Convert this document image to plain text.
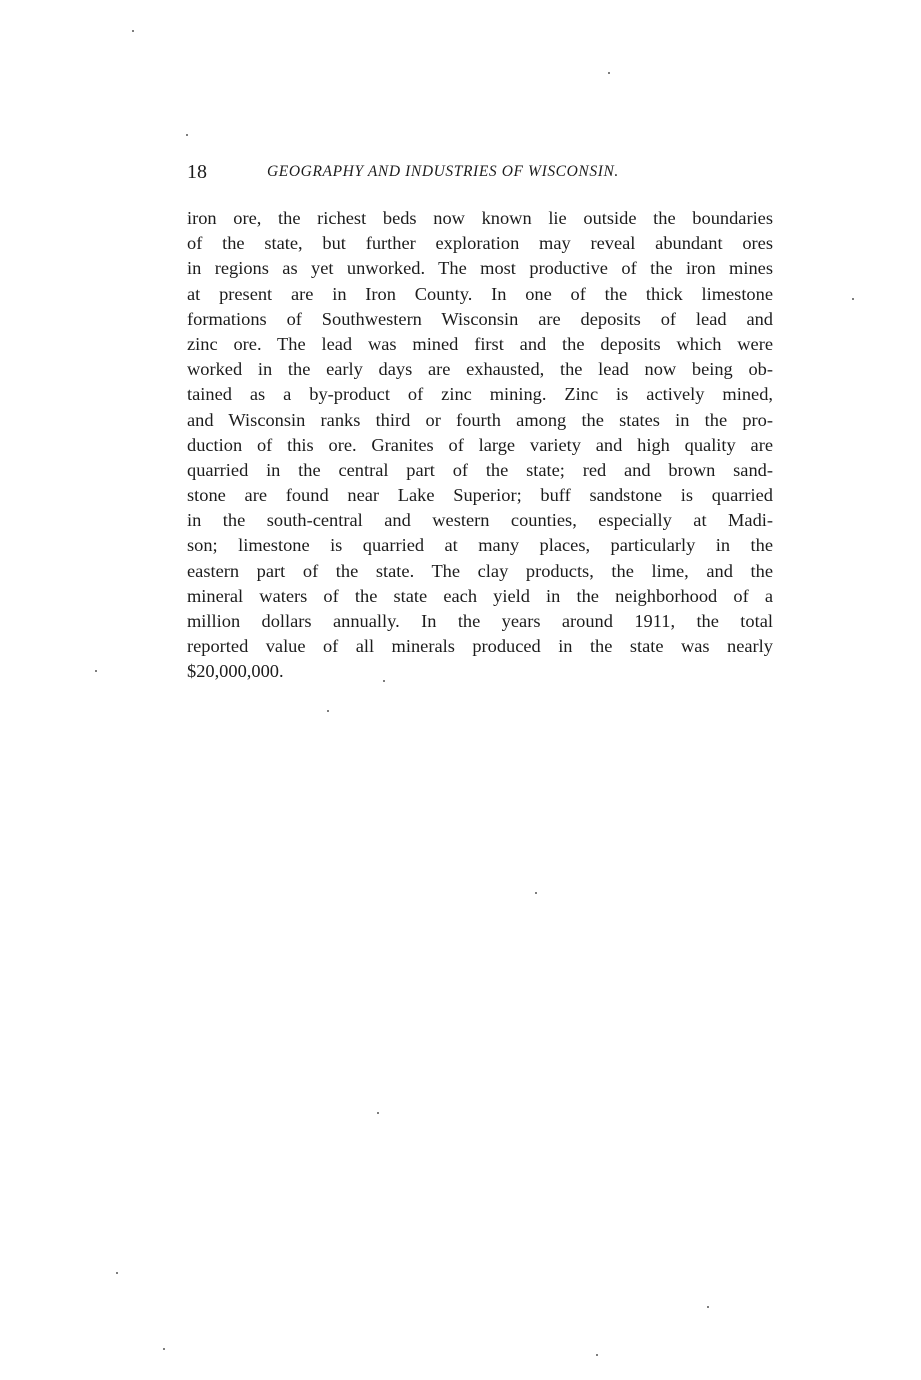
18	GEOGRAPHY AND INDUSTRIES OF WISCONSIN.
iron ore, the richest beds now known lie outside the boundaries
of the state, but further exploration may reveal abundant ores
in regions as yet unworked. The most productive of the iron mines
at present are in Iron County. In one of the thick limestone
formations of Southwestern Wisconsin are deposits of lead and
zinc ore. The lead was mined first and the deposits which were
worked in the early days are exhausted, the lead now being ob-
tained as a by-product of zinc mining. Zinc is actively mined,
and Wisconsin ranks third or fourth among the states in the pro-
duction of this ore. Granites of large variety and high quality are
quarried in the central part of the state; red and brown sand-
stone are found near Lake Superior; buff sandstone is quarried
in the south-central and western counties, especially at Madi-
son; limestone is quarried at many places, particularly in the
eastern part of the state. The clay products, the lime, and the
mineral waters of the state each yield in the neighborhood of a
million dollars annually. In the years around 1911, the total
reported value of all minerals produced in the state was nearly
$20,000,000.
